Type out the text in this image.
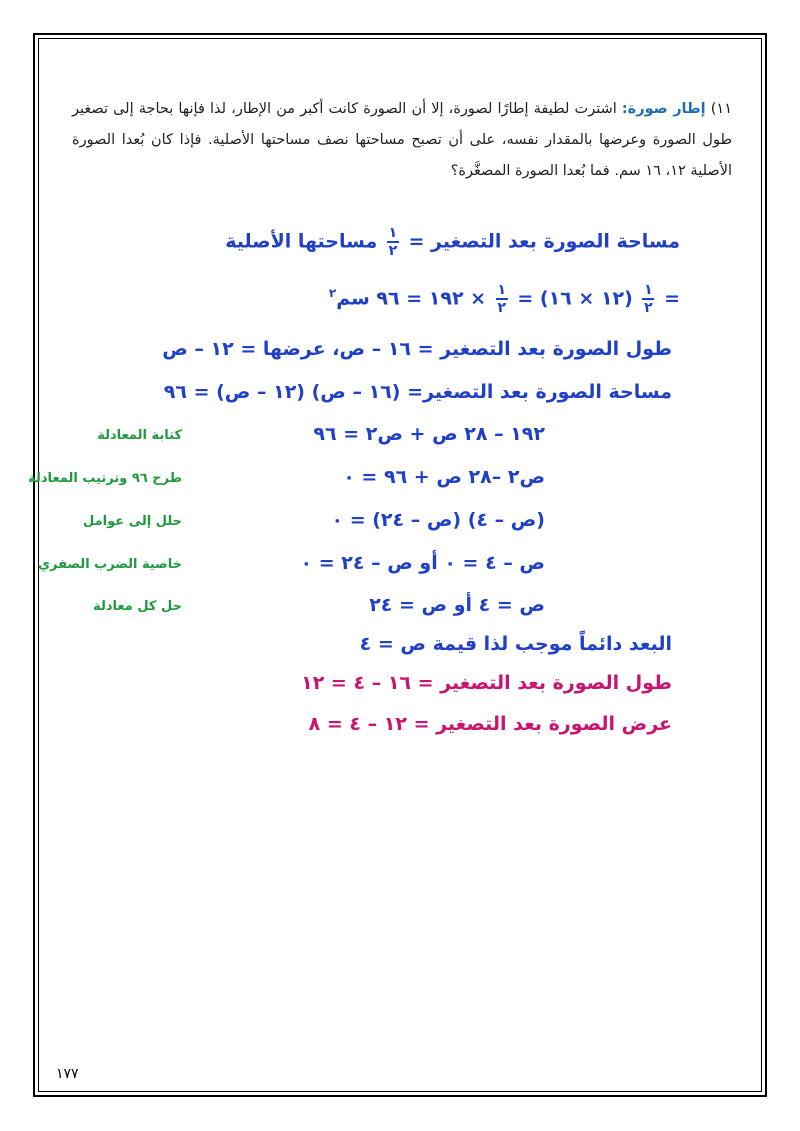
١١) إطار صورة: اشترت لطيفة إطارًا لصورة، إلا أن الصورة كانت أكبر من الإطار، لذا فإنها بحاجة إلى تصغير طول الصورة وعرضها بالمقدار نفسه، على أن تصبح مساحتها نصف مساحتها الأصلية. فإذا كان بُعدا الصورة الأصلية ١٢، ١٦ سم. فما بُعدا الصورة المصغَّرة؟
مساحة الصورة بعد التصغير =
$\frac{١}{٢}$
مساحتها الأصلية
=
$\frac{١}{٢}$
(١٢ × ١٦) =
$\frac{١}{٢}$
× ١٩٢ = ٩٦ سم$^٢$
طول الصورة بعد التصغير = ١٦ – ص، عرضها = ١٢ – ص
مساحة الصورة بعد التصغير= (١٦ – ص) (١٢ – ص) = ٩٦
١٩٢ – ٢٨ ص + ص٢ = ٩٦
كتابة المعادلة
ص٢ –٢٨ ص + ٩٦ = ٠
طرح ٩٦ وترتيب المعادلة
(ص – ٤) (ص – ٢٤) = ٠
حلل إلى عوامل
ص – ٤ = ٠ أو ص – ٢٤ = ٠
خاصية الضرب الصفري
ص = ٤ أو ص = ٢٤
حل كل معادلة
البعد دائماً موجب لذا قيمة ص = ٤
طول الصورة بعد التصغير = ١٦ – ٤ = ١٢
عرض الصورة بعد التصغير = ١٢ – ٤ = ٨
١٧٧
